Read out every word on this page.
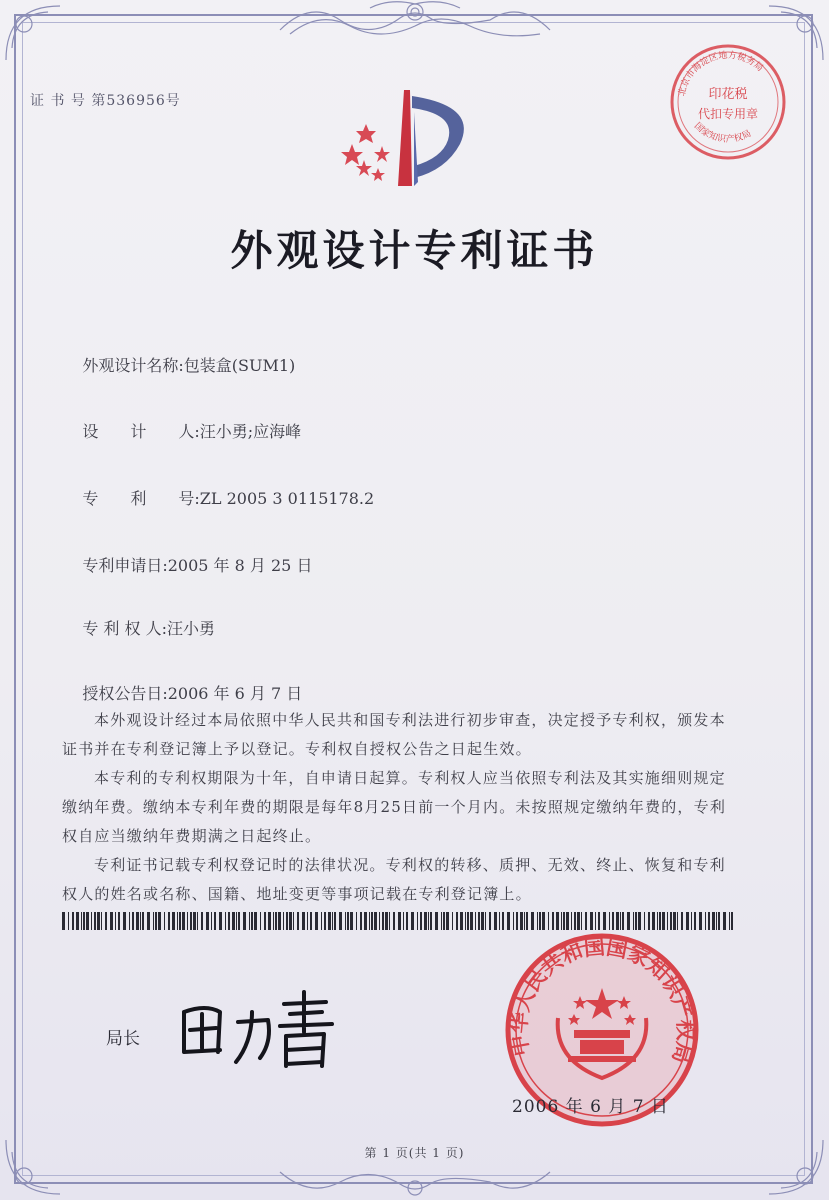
证 书 号 第536956号	印花税
代扣专用章
北京市海淀区地方税务局
国家知识产权局
外观设计专利证书

外观设计名称:包装盒(SUM1)

设　　计　　人:汪小勇;应海峰

专　　利　　号:ZL 2005 3 0115178.2

专利申请日:2005 年 8 月 25 日

专 利 权 人:汪小勇

授权公告日:2006 年 6 月 7 日

本外观设计经过本局依照中华人民共和国专利法进行初步审查，决定授予专利权，颁发本证书并在专利登记簿上予以登记。专利权自授权公告之日起生效。
本专利的专利权期限为十年，自申请日起算。专利权人应当依照专利法及其实施细则规定缴纳年费。缴纳本专利年费的期限是每年8月25日前一个月内。未按照规定缴纳年费的，专利权自应当缴纳年费期满之日起终止。
专利证书记载专利权登记时的法律状况。专利权的转移、质押、无效、终止、恢复和专利权人的姓名或名称、国籍、地址变更等事项记载在专利登记簿上。
局长	中华人民共和国国家知识产权局
2006 年 6 月 7 日
第 1 页(共 1 页)
